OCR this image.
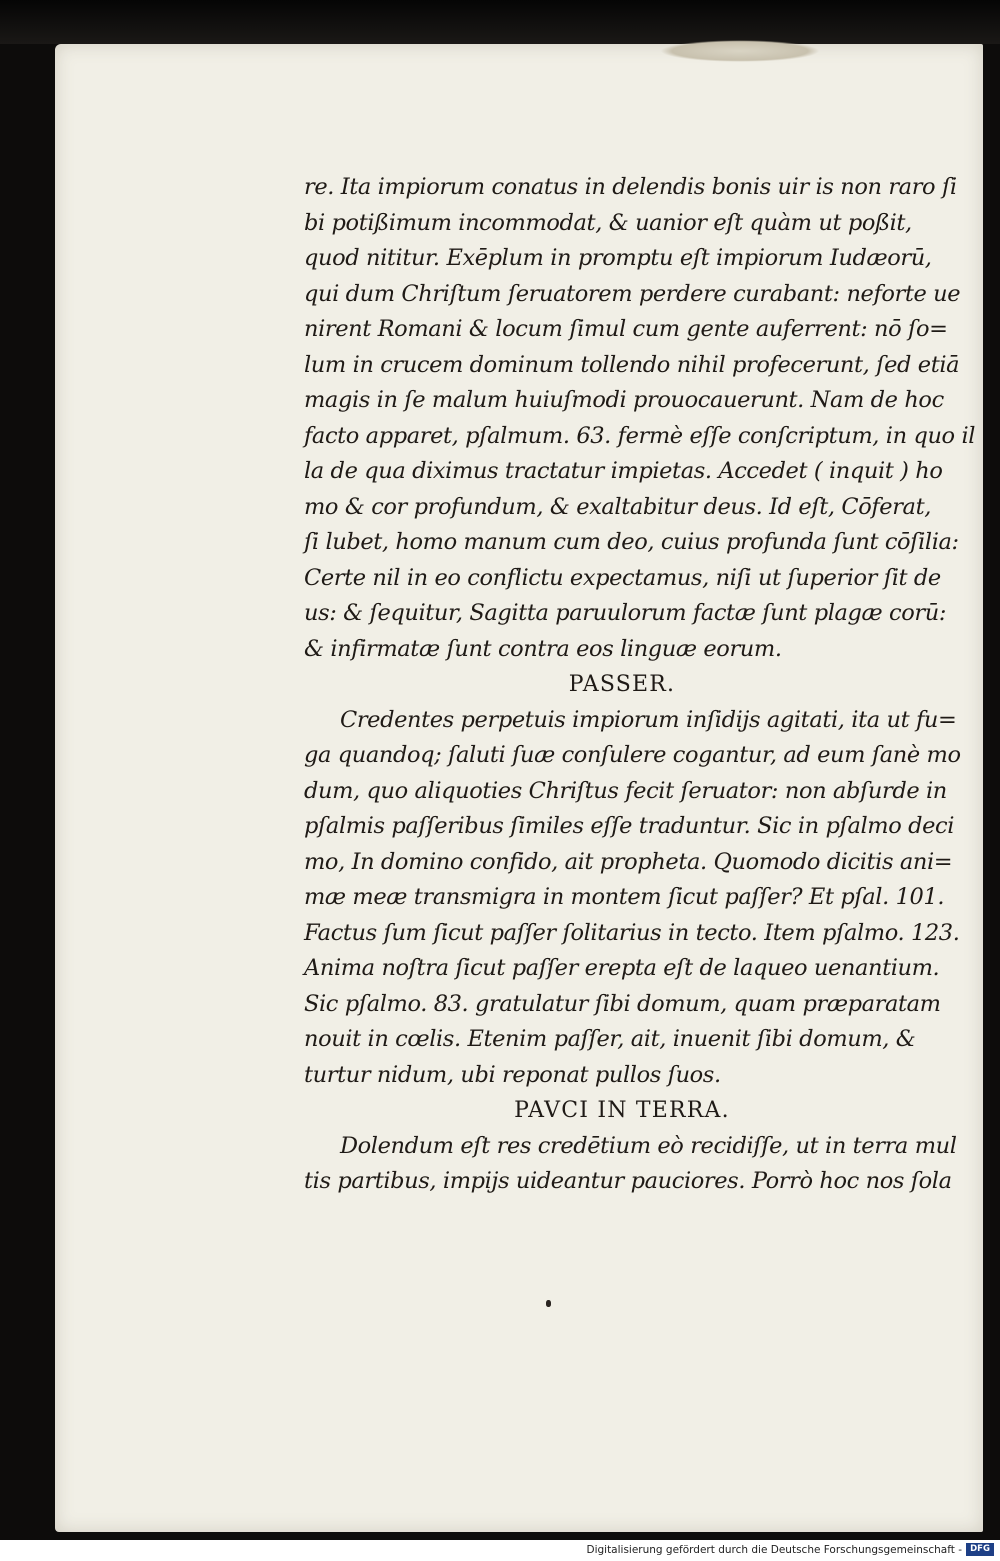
re. Ita impiorum conatus in delendis bonis uir is non raro ſi
bi potißimum incommodat, & uanior eſt quàm ut poßit,
quod nititur. Exēplum in promptu eſt impiorum Iudæorū,
qui dum Chriſtum ſeruatorem perdere curabant: neforte ue
nirent Romani & locum ſimul cum gente auferrent: nō ſo=
lum in crucem dominum tollendo nihil profecerunt, ſed etiā
magis in ſe malum huiuſmodi prouocauerunt. Nam de hoc
facto apparet, pſalmum. 63. fermè eſſe conſcriptum, in quo il
la de qua diximus tractatur impietas. Accedet ( inquit ) ho
mo & cor profundum, & exaltabitur deus. Id eſt, Cōferat,
ſi lubet, homo manum cum deo, cuius profunda ſunt cōſilia:
Certe nil in eo conflictu expectamus, niſi ut ſuperior ſit de
us: & ſequitur, Sagitta paruulorum factæ ſunt plagæ corū:
& infirmatæ ſunt contra eos linguæ eorum.
PASSER.
Credentes perpetuis impiorum inſidijs agitati, ita ut fu=
ga quandoq; ſaluti ſuæ conſulere cogantur, ad eum ſanè mo
dum, quo aliquoties Chriſtus fecit ſeruator: non abſurde in
pſalmis paſſeribus ſimiles eſſe traduntur. Sic in pſalmo deci
mo, In domino confido, ait propheta. Quomodo dicitis ani=
mæ meæ transmigra in montem ſicut paſſer? Et pſal. 101.
Factus ſum ſicut paſſer ſolitarius in tecto. Item pſalmo. 123.
Anima noſtra ſicut paſſer erepta eſt de laqueo uenantium.
Sic pſalmo. 83. gratulatur ſibi domum, quam præparatam
nouit in cœlis. Etenim paſſer, ait, inuenit ſibi domum, &
turtur nidum, ubi reponat pullos ſuos.
PAVCI IN TERRA.
Dolendum eſt res credētium eò recidiſſe, ut in terra mul
tis partibus, impijs uideantur pauciores. Porrò hoc nos ſola
Digitalisierung gefördert durch die Deutsche Forschungsgemeinschaft - DFG
